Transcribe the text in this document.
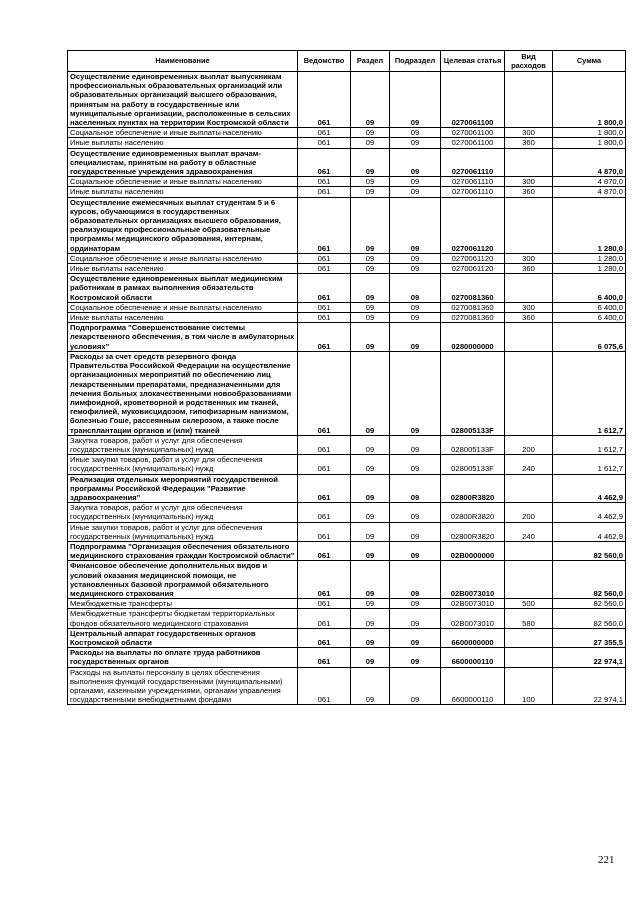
Наименование	Ведомство	Раздел	Подраздел	Целевая статья	Вид расходов	Сумма
Осуществление единовременных выплат выпускникам профессиональных образовательных организаций или образовательных организаций высшего образования, принятым на работу в государственные или муниципальные организации, расположенные в сельских населенных пунктах на территории Костромской области	061	09	09	0270061100		1 800,0
Социальное обеспечение и иные выплаты населению	061	09	09	0270061100	300	1 800,0
Иные выплаты населению	061	09	09	0270061100	360	1 800,0
Осуществление единовременных выплат врачам-специалистам, принятым на работу в областные государственные учреждения здравоохранения	061	09	09	0270061110		4 870,0
Социальное обеспечение и иные выплаты населению	061	09	09	0270061110	300	4 870,0
Иные выплаты населению	061	09	09	0270061110	360	4 870,0
Осуществление ежемесячных выплат студентам 5 и 6 курсов, обучающимся в государственных образовательных организациях высшего образования, реализующих профессиональные образовательные программы медицинского образования, интернам, ординаторам	061	09	09	0270061120		1 280,0
Социальное обеспечение и иные выплаты населению	061	09	09	0270061120	300	1 280,0
Иные выплаты населению	061	09	09	0270061120	360	1 280,0
Осуществление единовременных выплат медицинским работникам в рамках выполнения обязательств Костромской области	061	09	09	0270081360		6 400,0
Социальное обеспечение и иные выплаты населению	061	09	09	0270081360	300	6 400,0
Иные выплаты населению	061	09	09	0270081360	360	6 400,0
Подпрограмма "Совершенствование системы лекарственного обеспечения, в том числе в амбулаторных условиях"	061	09	09	0280000000		6 075,6
Расходы за счет средств резервного фонда Правительства Российской Федерации на осуществление организационных мероприятий по обеспечению лиц лекарственными препаратами, предназначенными для лечения больных злокачественными новообразованиями лимфоидной, кроветворной и родственных им тканей, гемофилией, муковисцидозом, гипофизарным нанизмом, болезнью Гоше, рассеянным склерозом, а также после трансплантации органов и (или) тканей	061	09	09	028005133F		1 612,7
Закупка товаров, работ и услуг для обеспечения государственных (муниципальных) нужд	061	09	09	028005133F	200	1 612,7
Иные закупки товаров, работ и услуг для обеспечения государственных (муниципальных) нужд	061	09	09	028005133F	240	1 612,7
Реализация отдельных мероприятий государственной программы Российской Федерации "Развитие здравоохранения"	061	09	09	02800R3820		4 462,9
Закупка товаров, работ и услуг для обеспечения государственных (муниципальных) нужд	061	09	09	02800R3820	200	4 462,9
Иные закупки товаров, работ и услуг для обеспечения государственных (муниципальных) нужд	061	09	09	02800R3820	240	4 462,9
Подпрограмма "Организация обеспечения обязательного медицинского страхования граждан Костромской области"	061	09	09	02B0000000		82 560,0
Финансовое обеспечение дополнительных видов и условий оказания медицинской помощи, не установленных базовой программой обязательного медицинского страхования	061	09	09	02B0073010		82 560,0
Межбюджетные трансферты	061	09	09	02B0073010	500	82 560,0
Межбюджетные трансферты бюджетам территориальных фондов обязательного медицинского страхования	061	09	09	02B0073010	580	82 560,0
Центральный аппарат государственных органов Костромской области	061	09	09	6600000000		27 355,5
Расходы на выплаты по оплате труда работников государственных органов	061	09	09	6600000110		22 974,1
Расходы на выплаты персоналу в целях обеспечения выполнения функций государственными (муниципальными) органами, казенными учреждениями, органами управления государственными внебюджетными фондами	061	09	09	6600000110	100	22 974,1
221
